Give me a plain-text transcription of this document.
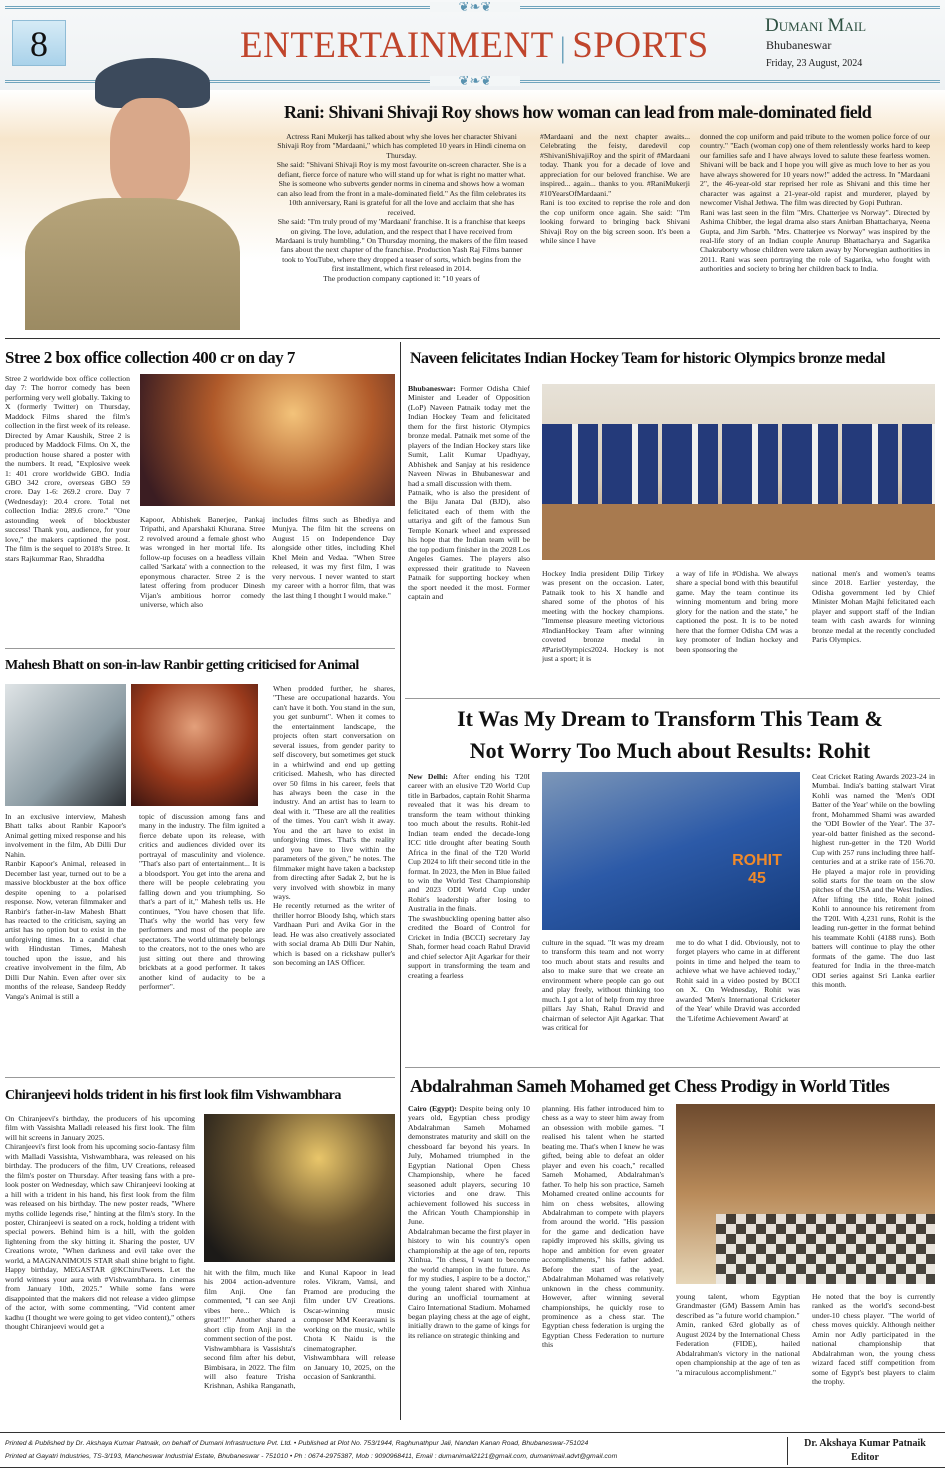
❦❧❦
8	ENTERTAINMENT | SPORTS	Dumani Mail
Bhubaneswar
Friday, 23 August, 2024
❦❧❦
Rani: Shivani Shivaji Roy shows how woman can lead from male-dominated field
Actress Rani Mukerji has talked about why she loves her character Shivani Shivaji Roy from "Mardaani," which has completed 10 years in Hindi cinema on Thursday.
She said: "Shivani Shivaji Roy is my most favourite on-screen character. She is a defiant, fierce force of nature who will stand up for what is right no matter what. She is someone who subverts gender norms in cinema and shows how a woman can also lead from the front in a male-dominated field." As the film celebrates its 10th anniversary, Rani is grateful for all the love and acclaim that she has received.
She said: "I'm truly proud of my 'Mardaani' franchise. It is a franchise that keeps on giving. The love, adulation, and the respect that I have received from Mardaani is truly humbling." On Thursday morning, the makers of the film teased fans about the next chapter of the franchise. Production Yash Raj Films banner took to YouTube, where they dropped a teaser of sorts, which begins from the first installment, which first released in 2014.
The production company captioned it: "10 years of
#Mardaani and the next chapter awaits... Celebrating the feisty, daredevil cop #ShivaniShivajiRoy and the spirit of #Mardaani today. Thank you for a decade of love and appreciation for our beloved franchise. We are inspired... again... thanks to you. #RaniMukerji #10YearsOfMardaani."
Rani is too excited to reprise the role and don the cop uniform once again. She said: "I'm looking forward to bringing back Shivani Shivaji Roy on the big screen soon. It's been a while since I have
donned the cop uniform and paid tribute to the women police force of our country." "Each (woman cop) one of them relentlessly works hard to keep our families safe and I have always loved to salute these fearless women. Shivani will be back and I hope you will give as much love to her as you have always showered for 10 years now!" added the actress. In "Mardaani 2", the 46-year-old star reprised her role as Shivani and this time her character was against a 21-year-old rapist and murderer, played by newcomer Vishal Jethwa. The film was directed by Gopi Puthran.
Rani was last seen in the film "Mrs. Chatterjee vs Norway". Directed by Ashima Chibber, the legal drama also stars Anirban Bhattacharya, Neena Gupta, and Jim Sarbh. "Mrs. Chatterjee vs Norway" was inspired by the real-life story of an Indian couple Anurup Bhattacharya and Sagarika Chakraborty whose children were taken away by Norwegian authorities in 2011. Rani was seen portraying the role of Sagarika, who fought with authorities and society to bring her children back to India.
Stree 2 box office collection 400 cr on day 7
Stree 2 worldwide box office collection day 7: The horror comedy has been performing very well globally. Taking to X (formerly Twitter) on Thursday, Maddock Films shared the film's collection in the first week of its release. Directed by Amar Kaushik, Stree 2 is produced by Maddock Films. On X, the production house shared a poster with the numbers. It read, "Explosive week 1: 401 crore worldwide GBO. India GBO 342 crore, overseas GBO 59 crore. Day 1-6: 269.2 crore. Day 7 (Wednesday): 20.4 crore. Total net collection India: 289.6 crore." "One astounding week of blockbuster success! Thank you, audience, for your love," the makers captioned the post. The film is the sequel to 2018's Stree. It stars Rajkummar Rao, Shraddha
Kapoor, Abhishek Banerjee, Pankaj Tripathi, and Aparshakti Khurana. Stree 2 revolved around a female ghost who was wronged in her mortal life. Its follow-up focuses on a headless villain called 'Sarkata' with a connection to the eponymous character. Stree 2 is the latest offering from producer Dinesh Vijan's ambitious horror comedy universe, which also
includes films such as Bhediya and Munjya. The film hit the screens on August 15 on Independence Day alongside other titles, including Khel Khel Mein and Vedaa. "When Stree released, it was my first film, I was very nervous. I never wanted to start my career with a horror film, that was the last thing I thought I would make."
Mahesh Bhatt on son-in-law Ranbir getting criticised for Animal
In an exclusive interview, Mahesh Bhatt talks about Ranbir Kapoor's Animal getting mixed response and his involvement in the film, Ab Dilli Dur Nahin.
Ranbir Kapoor's Animal, released in December last year, turned out to be a massive blockbuster at the box office despite opening to a polarised response. Now, veteran filmmaker and Ranbir's father-in-law Mahesh Bhatt has reacted to the criticism, saying an artist has no option but to exist in the unforgiving times. In a candid chat with Hindustan Times, Mahesh touched upon the issue, and his creative involvement in the film, Ab Dilli Dur Nahin. Even after over six months of the release, Sandeep Reddy Vanga's Animal is still a
topic of discussion among fans and many in the industry. The film ignited a fierce debate upon its release, with critics and audiences divided over its portrayal of masculinity and violence. "That's also part of entertainment... It is a bloodsport. You get into the arena and there will be people celebrating you falling down and you triumphing. So that's a part of it," Mahesh tells us. He continues, "You have chosen that life. That's why the world has very few performers and most of the people are spectators. The world ultimately belongs to the creators, not to the ones who are just sitting out there and throwing brickbats at a good performer. It takes another kind of audacity to be a performer".
When prodded further, he shares, "These are occupational hazards. You can't have it both. You stand in the sun, you get sunburnt". When it comes to the entertainment landscape, the projects often start conversation on several issues, from gender parity to self discovery, but sometimes get stuck in a whirlwind and end up getting criticised. Mahesh, who has directed over 50 films in his career, feels that has always been the case in the industry. And an artist has to learn to deal with it. "These are all the realities of the times. You can't wish it away. You and the art have to exist in unforgiving times. That's the reality and you have to live within the parameters of the given," he notes. The filmmaker might have taken a backstep from directing after Sadak 2, but he is very involved with showbiz in many ways.
He recently returned as the writer of thriller horror Bloody Ishq, which stars Vardhaan Puri and Avika Gor in the lead. He was also creatively associated with social drama Ab Dilli Dur Nahin, which is based on a rickshaw puller's son becoming an IAS Officer.
Chiranjeevi holds trident in his first look film Vishwambhara
On Chiranjeevi's birthday, the producers of his upcoming film with Vassishta Malladi released his first look. The film will hit screens in January 2025.
Chiranjeevi's first look from his upcoming socio-fantasy film with Malladi Vassishta, Vishwambhara, was released on his birthday. The producers of the film, UV Creations, released the film's poster on Thursday. After teasing fans with a pre-look poster on Wednesday, which saw Chiranjeevi looking at a hill with a trident in his hand, his first look from the film was released on his birthday. The new poster reads, "Where myths collide legends rise," hinting at the film's story. In the poster, Chiranjeevi is seated on a rock, holding a trident with special powers. Behind him is a hill, with the golden lightening from the sky hitting it. Sharing the poster, UV Creations wrote, "When darkness and evil take over the world, a MAGNANIMOUS STAR shall shine bright to fight. Happy birthday, MEGASTAR @KChiruTweets. Let the world witness your aura with #Vishwambhara. In cinemas from January 10th, 2025." While some fans were disappointed that the makers did not release a video glimpse of the actor, with some commenting, "Vid content amer kadhu (I thought we were going to get video content)," others thought Chiranjeevi would get a
hit with the film, much like his 2004 action-adventure film Anji. One fan commented, "I can see Anji vibes here... Which is great!!!" Another shared a short clip from Anji in the comment section of the post.
Vishwambhara is Vassishta's second film after his debut, Bimbisara, in 2022. The film will also feature Trisha Krishnan, Ashika Ranganath, and Kunal Kapoor in lead roles. Vikram, Vamsi, and Pramod are producing the film under UV Creations. Oscar-winning music composer MM Keeravaani is working on the music, while Chota K Naidu is the cinematographer. Vishwambhara will release on January 10, 2025, on the occasion of Sankranthi.
Naveen felicitates Indian Hockey Team for historic Olympics bronze medal
Bhubaneswar: Former Odisha Chief Minister and Leader of Opposition (LoP) Naveen Patnaik today met the Indian Hockey Team and felicitated them for the first historic Olympics bronze medal. Patnaik met some of the players of the Indian Hockey stars like Sumit, Lalit Kumar Upadhyay, Abhishek and Sanjay at his residence Naveen Niwas in Bhubaneswar and had a small discussion with them.
Patnaik, who is also the president of the Biju Janata Dal (BJD), also felicitated each of them with the uttariya and gift of the famous Sun Temple Konark wheel and expressed his hope that the Indian team will be the top podium finisher in the 2028 Los Angeles Games. The players also expressed their gratitude to Naveen Patnaik for supporting hockey when the sport needed it the most. Former captain and
Hockey India president Dilip Tirkey was present on the occasion. Later, Patnaik took to his X handle and shared some of the photos of his meeting with the hockey champions. "Immense pleasure meeting victorious #IndianHockey Team after winning coveted bronze medal in #ParisOlympics2024. Hockey is not just a sport; it is
a way of life in #Odisha. We always share a special bond with this beautiful game. May the team continue its winning momentum and bring more glory for the nation and the state," he captioned the post. It is to be noted here that the former Odisha CM was a key promoter of Indian hockey and been sponsoring the
national men's and women's teams since 2018. Earlier yesterday, the Odisha government led by Chief Minister Mohan Majhi felicitated each player and support staff of the Indian team with cash awards for winning bronze medal at the recently concluded Paris Olympics.
It Was My Dream to Transform This Team &
Not Worry Too Much about Results: Rohit
New Delhi: After ending his T20I career with an elusive T20 World Cup title in Barbados, captain Rohit Sharma revealed that it was his dream to transform the team without thinking too much about the results. Rohit-led Indian team ended the decade-long ICC title drought after beating South Africa in the final of the T20 World Cup 2024 to lift their second title in the format. In 2023, the Men in Blue failed to win the World Test Championship and 2023 ODI World Cup under Rohit's leadership after losing to Australia in the finals.
The swashbuckling opening batter also credited the Board of Control for Cricket in India (BCCI) secretary Jay Shah, former head coach Rahul Dravid and chief selector Ajit Agarkar for their support in transforming the team and creating a fearless
ROHIT 45
culture in the squad. "It was my dream to transform this team and not worry too much about stats and results and also to make sure that we create an environment where people can go out and play freely, without thinking too much. I got a lot of help from my three pillars Jay Shah, Rahul Dravid and chairman of selector Ajit Agarkar. That was critical for
me to do what I did. Obviously, not to forget players who came in at different points in time and helped the team to achieve what we have achieved today," Rohit said in a video posted by BCCI on X. On Wednesday, Rohit was awarded 'Men's International Cricketer of the Year' while Dravid was accorded the 'Lifetime Achievement Award' at
Ceat Cricket Rating Awards 2023-24 in Mumbai. India's batting stalwart Virat Kohli was named the 'Men's ODI Batter of the Year' while on the bowling front, Mohammed Shami was awarded the 'ODI Bowler of the Year'. The 37-year-old batter finished as the second-highest run-getter in the T20 World Cup with 257 runs including three half-centuries and at a strike rate of 156.70. He played a major role in providing solid starts for the team on the slow pitches of the USA and the West Indies.
After lifting the title, Rohit joined Kohli to announce his retirement from the T20I. With 4,231 runs, Rohit is the leading run-getter in the format behind his teammate Kohli (4188 runs). Both batters will continue to play the other formats of the game. The duo last featured for India in the three-match ODI series against Sri Lanka earlier this month.
Abdalrahman Sameh Mohamed get Chess Prodigy in World Titles
Cairo (Egypt): Despite being only 10 years old, Egyptian chess prodigy Abdalrahman Sameh Mohamed demonstrates maturity and skill on the chessboard far beyond his years. In July, Mohamed triumphed in the Egyptian National Open Chess Championship, where he faced seasoned adult players, securing 10 victories and one draw. This achievement followed his success in the African Youth Championship in June.
Abdalrahman became the first player in history to win his country's open championship at the age of ten, reports Xinhua. "In chess, I want to become the world champion in the future. As for my studies, I aspire to be a doctor," the young talent shared with Xinhua during an unofficial tournament at Cairo International Stadium. Mohamed began playing chess at the age of eight, initially drawn to the game of kings for its reliance on strategic thinking and
planning. His father introduced him to chess as a way to steer him away from an obsession with mobile games. "I realised his talent when he started beating me. That's when I knew he was gifted, being able to defeat an older player and even his coach," recalled Sameh Mohamed, Abdalrahman's father. To help his son practice, Sameh Mohamed created online accounts for him on chess websites, allowing Abdalrahman to compete with players from around the world. "His passion for the game and dedication have rapidly improved his skills, giving us hope and ambition for even greater accomplishments," his father added. Before the start of the year, Abdalrahman Mohamed was relatively unknown in the chess community. However, after winning several championships, he quickly rose to prominence as a chess star. The Egyptian chess federation is urging the Egyptian Chess Federation to nurture this
young talent, whom Egyptian Grandmaster (GM) Bassem Amin has described as "a future world champion."
Amin, ranked 63rd globally as of August 2024 by the International Chess Federation (FIDE), hailed Abdalrahman's victory in the national open championship at the age of ten as "a miraculous accomplishment."
He noted that the boy is currently ranked as the world's second-best under-10 chess player. "The world of chess moves quickly. Although neither Amin nor Adly participated in the national championship that Abdalrahman won, the young chess wizard faced stiff competition from some of Egypt's best players to claim the trophy.
Printed & Published by Dr. Akshaya Kumar Patnaik, on behalf of Dumani Infrastructure Pvt. Ltd. • Published at Plot No. 753/1944, Raghunathpur Jali, Nandan Kanan Road, Bhubaneswar-751024
Printed at Gayatri Industries, TS-3/193, Mancheswar Industrial Estate, Bhubaneswar - 751010 • Ph : 0674-2975387, Mob : 9090968411, Email : dumanimail2121@gmail.com, dumanimail.advt@gmail.com
Dr. Akshaya Kumar Patnaik
Editor
